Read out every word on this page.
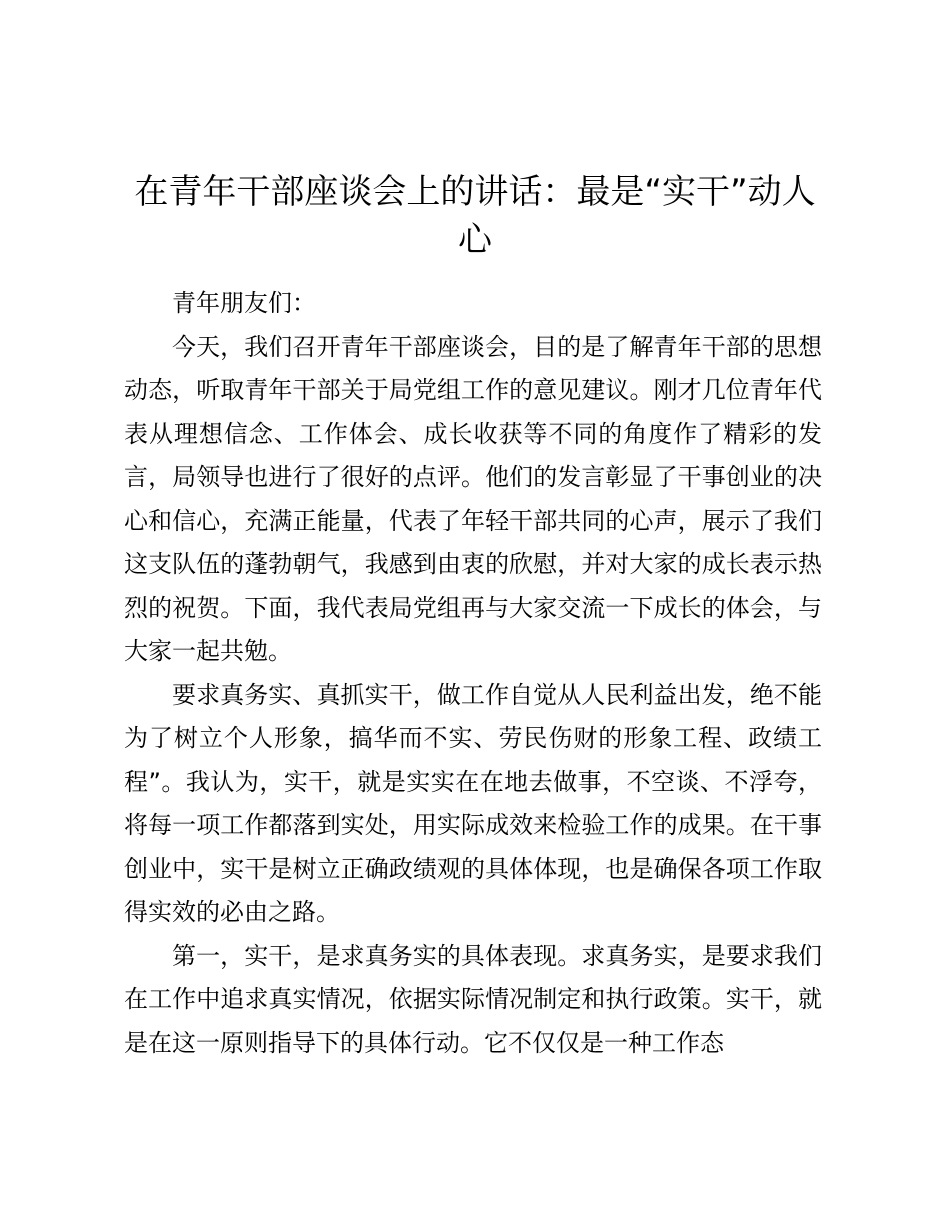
在青年干部座谈会上的讲话：最是“实干”动人心

青年朋友们：

今天，我们召开青年干部座谈会，目的是了解青年干部的思想动态，听取青年干部关于局党组工作的意见建议。刚才几位青年代表从理想信念、工作体会、成长收获等不同的角度作了精彩的发言，局领导也进行了很好的点评。他们的发言彰显了干事创业的决心和信心，充满正能量，代表了年轻干部共同的心声，展示了我们这支队伍的蓬勃朝气，我感到由衷的欣慰，并对大家的成长表示热烈的祝贺。下面，我代表局党组再与大家交流一下成长的体会，与大家一起共勉。

要求真务实、真抓实干，做工作自觉从人民利益出发，绝不能为了树立个人形象，搞华而不实、劳民伤财的形象工程、政绩工程”。我认为，实干，就是实实在在地去做事，不空谈、不浮夸，将每一项工作都落到实处，用实际成效来检验工作的成果。在干事创业中，实干是树立正确政绩观的具体体现，也是确保各项工作取得实效的必由之路。

第一，实干，是求真务实的具体表现。求真务实，是要求我们在工作中追求真实情况，依据实际情况制定和执行政策。实干，就是在这一原则指导下的具体行动。它不仅仅是一种工作态
